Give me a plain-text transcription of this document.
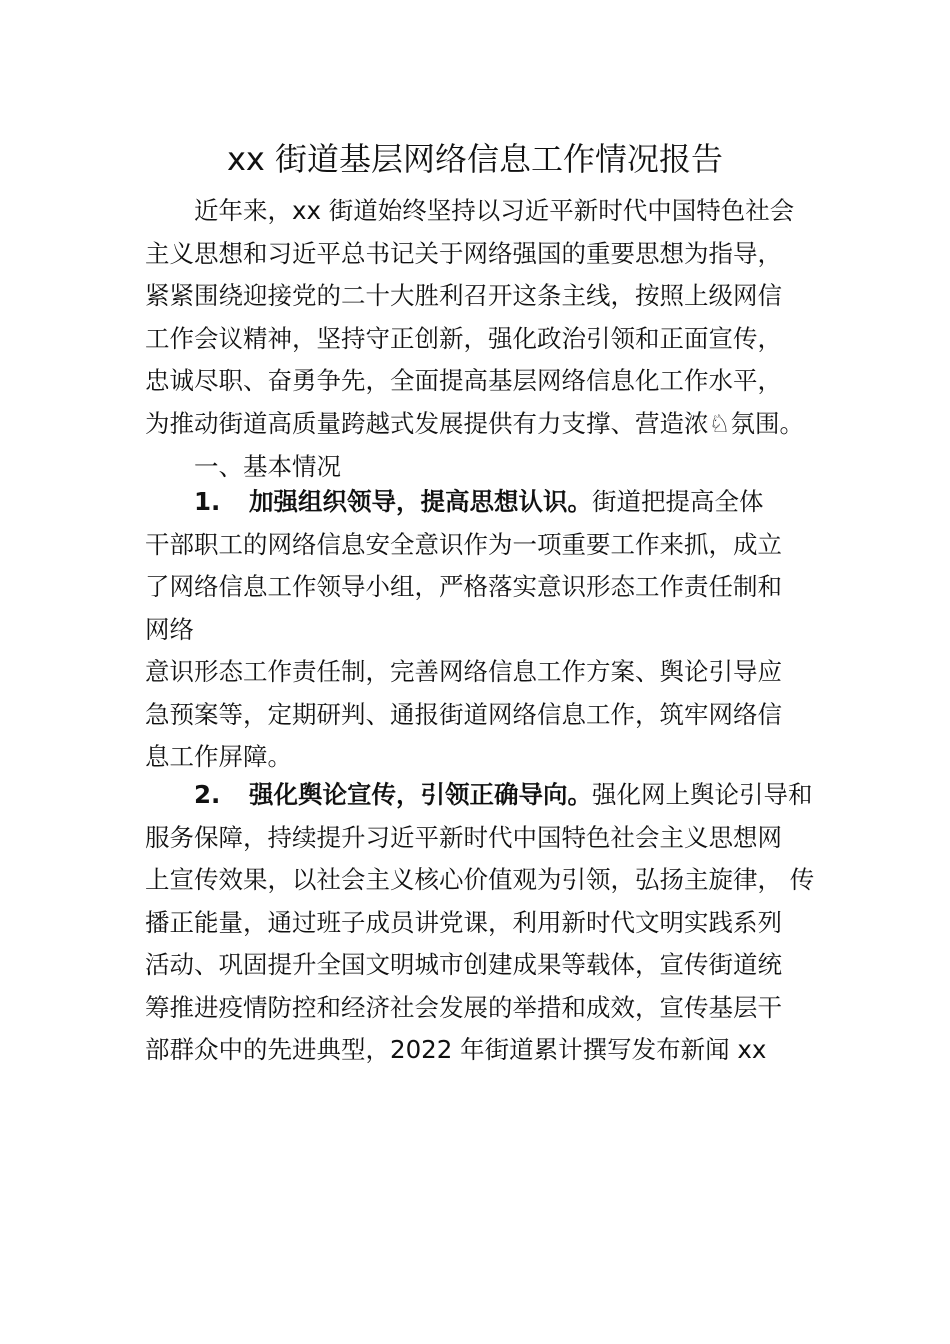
xx 街道基层网络信息工作情况报告
近年来，xx 街道始终坚持以习近平新时代中国特色社会
主义思想和习近平总书记关于网络强国的重要思想为指导，
紧紧围绕迎接党的二十大胜利召开这条主线，按照上级网信
工作会议精神，坚持守正创新，强化政治引领和正面宣传，
忠诚尽职、奋勇争先，全面提高基层网络信息化工作水平，
为推动街道高质量跨越式发展提供有力支撑、营造浓♘氛围。
一、基本情况
1. 加强组织领导，提高思想认识。街道把提高全体
干部职工的网络信息安全意识作为一项重要工作来抓，成立
了网络信息工作领导小组，严格落实意识形态工作责任制和
网络
意识形态工作责任制，完善网络信息工作方案、舆论引导应
急预案等，定期研判、通报街道网络信息工作，筑牢网络信
息工作屏障。
2. 强化舆论宣传，引领正确导向。强化网上舆论引导和
服务保障，持续提升习近平新时代中国特色社会主义思想网
上宣传效果，以社会主义核心价值观为引领，弘扬主旋律， 传
播正能量，通过班子成员讲党课，利用新时代文明实践系列
活动、巩固提升全国文明城市创建成果等载体，宣传街道统
筹推进疫情防控和经济社会发展的举措和成效，宣传基层干
部群众中的先进典型，2022 年街道累计撰写发布新闻 xx
